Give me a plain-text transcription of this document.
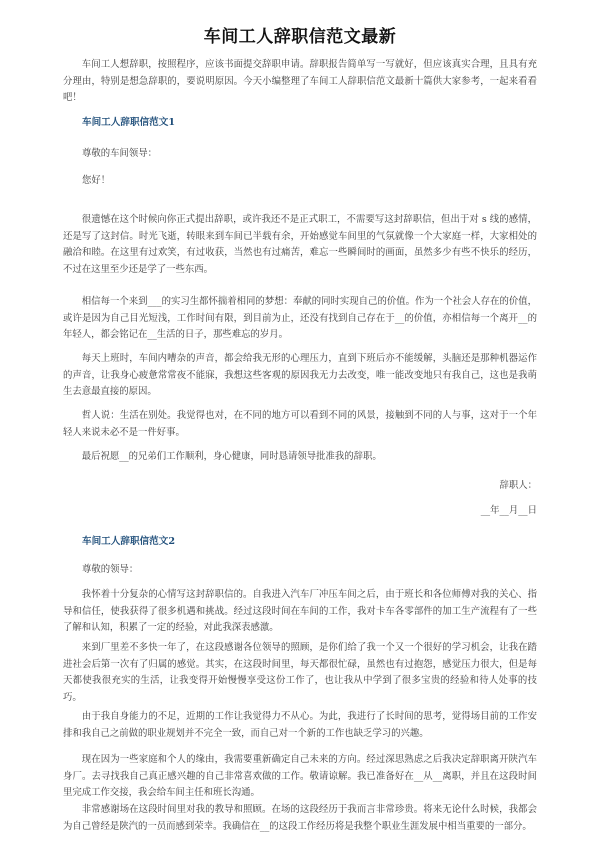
车间工人辞职信范文最新

车间工人想辞职，按照程序，应该书面提交辞职申请。辞职报告简单写一写就好，但应该真实合理，且具有充分理由，特别是想急辞职的，要说明原因。今天小编整理了车间工人辞职信范文最新十篇供大家参考，一起来看看吧！

车间工人辞职信范文1

尊敬的车间领导：

您好！

很遗憾在这个时候向你正式提出辞职，或许我还不是正式职工，不需要写这封辞职信，但出于对 s 线的感情，还是写了这封信。时光飞逝，转眼来到车间已半载有余，开始感觉车间里的气氛就像一个大家庭一样，大家相处的融洽和睦。在这里有过欢笑，有过收获，当然也有过痛苦，难忘一些瞬间时的画面，虽然多少有些不快乐的经历，不过在这里至少还是学了一些东西。

相信每一个来到___的实习生都怀揣着相同的梦想：奉献的同时实现自己的价值。作为一个社会人存在的价值，或许是因为自己目光短浅，工作时间有限，到目前为止，还没有找到自己存在于__的价值，亦相信每一个离开__的年轻人，都会铭记在__生活的日子，那些难忘的岁月。

每天上班时，车间内嘈杂的声音，都会给我无形的心理压力，直到下班后亦不能缓解，头脑还是那种机器运作的声音，让我身心疲惫常常夜不能寐，我想这些客观的原因我无力去改变，唯一能改变地只有我自己，这也是我萌生去意最直接的原因。

哲人说：生活在别处。我觉得也对，在不同的地方可以看到不同的风景，接触到不同的人与事，这对于一个年轻人来说未必不是一件好事。

最后祝愿__的兄弟们工作顺利，身心健康，同时恳请领导批准我的辞职。

辞职人：

__年__月__日

车间工人辞职信范文2

尊敬的领导：

我怀着十分复杂的心情写这封辞职信的。自我进入汽车厂冲压车间之后，由于班长和各位师傅对我的关心、指导和信任，使我获得了很多机遇和挑战。经过这段时间在车间的工作，我对卡车各零部件的加工生产流程有了一些了解和认知，积累了一定的经验，对此我深表感激。

来到厂里差不多快一年了，在这段感谢各位领导的照顾，是你们给了我一个又一个很好的学习机会，让我在踏进社会后第一次有了归属的感觉。其实，在这段时间里，每天都很忙碌，虽然也有过抱怨，感觉压力很大，但是每天都使我很充实的生活，让我变得开始慢慢享受这份工作了，也让我从中学到了很多宝贵的经验和待人处事的技巧。

由于我自身能力的不足，近期的工作让我觉得力不从心。为此，我进行了长时间的思考，觉得场目前的工作安排和我自己之前做的职业规划并不完全一致，而自己对一个新的工作也缺乏学习的兴趣。

现在因为一些家庭和个人的缘由，我需要重新确定自己未来的方向。经过深思熟虑之后我决定辞职离开陕汽车身厂。去寻找我自己真正感兴趣的自己非常喜欢做的工作。敬请谅解。我已准备好在__从__离职，并且在这段时间里完成工作交接，我会给车间主任和班长沟通。

非常感谢场在这段时间里对我的教导和照顾。在场的这段经历于我而言非常珍贵。将来无论什么时候，我都会为自己曾经是陕汽的一员而感到荣幸。我确信在__的这段工作经历将是我整个职业生涯发展中相当重要的一部分。
